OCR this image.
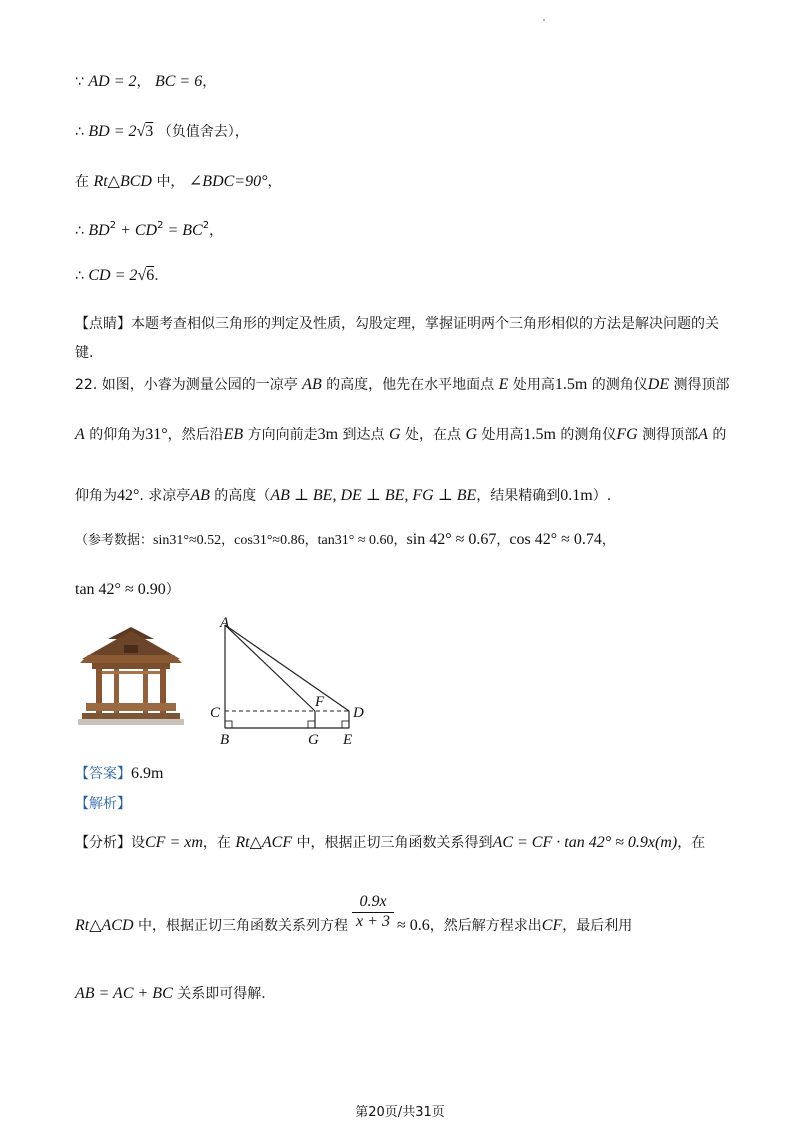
∵ AD = 2， BC = 6，
∴ BD = 2√3 （负值舍去），
在 Rt△BCD 中， ∠BDC=90°，
∴ $BD^2 + CD^2 = BC^2$，
∴ CD = 2√6.
【点睛】本题考查相似三角形的判定及性质，勾股定理，掌握证明两个三角形相似的方法是解决问题的关
键.
22. 如图，小睿为测量公园的一凉亭 AB 的高度，他先在水平地面点 E 处用高1.5m 的测角仪DE 测得顶部
A 的仰角为31°，然后沿EB 方向向前走3m 到达点 G 处，在点 G 处用高1.5m 的测角仪FG 测得顶部A 的
仰角为42°. 求凉亭AB 的高度（AB ⊥ BE, DE ⊥ BE, FG ⊥ BE，结果精确到0.1m）.
（参考数据：sin31°≈0.52，cos31°≈0.86，tan31° ≈ 0.60，sin 42° ≈ 0.67，cos 42° ≈ 0.74，
tan 42° ≈ 0.90）
A
C
F
D
B	G E
【答案】6.9m
【解析】
【分析】设CF = xm，在 Rt△ACF 中，根据正切三角函数关系得到AC = CF · tan 42° ≈ 0.9x(m)，在
Rt△ACD 中，根据正切三角函数关系列方程 $\frac{0.9x}{x + 3} \approx 0.6$，然后解方程求出CF，最后利用
AB = AC + BC 关系即可得解.
第20页/共31页
